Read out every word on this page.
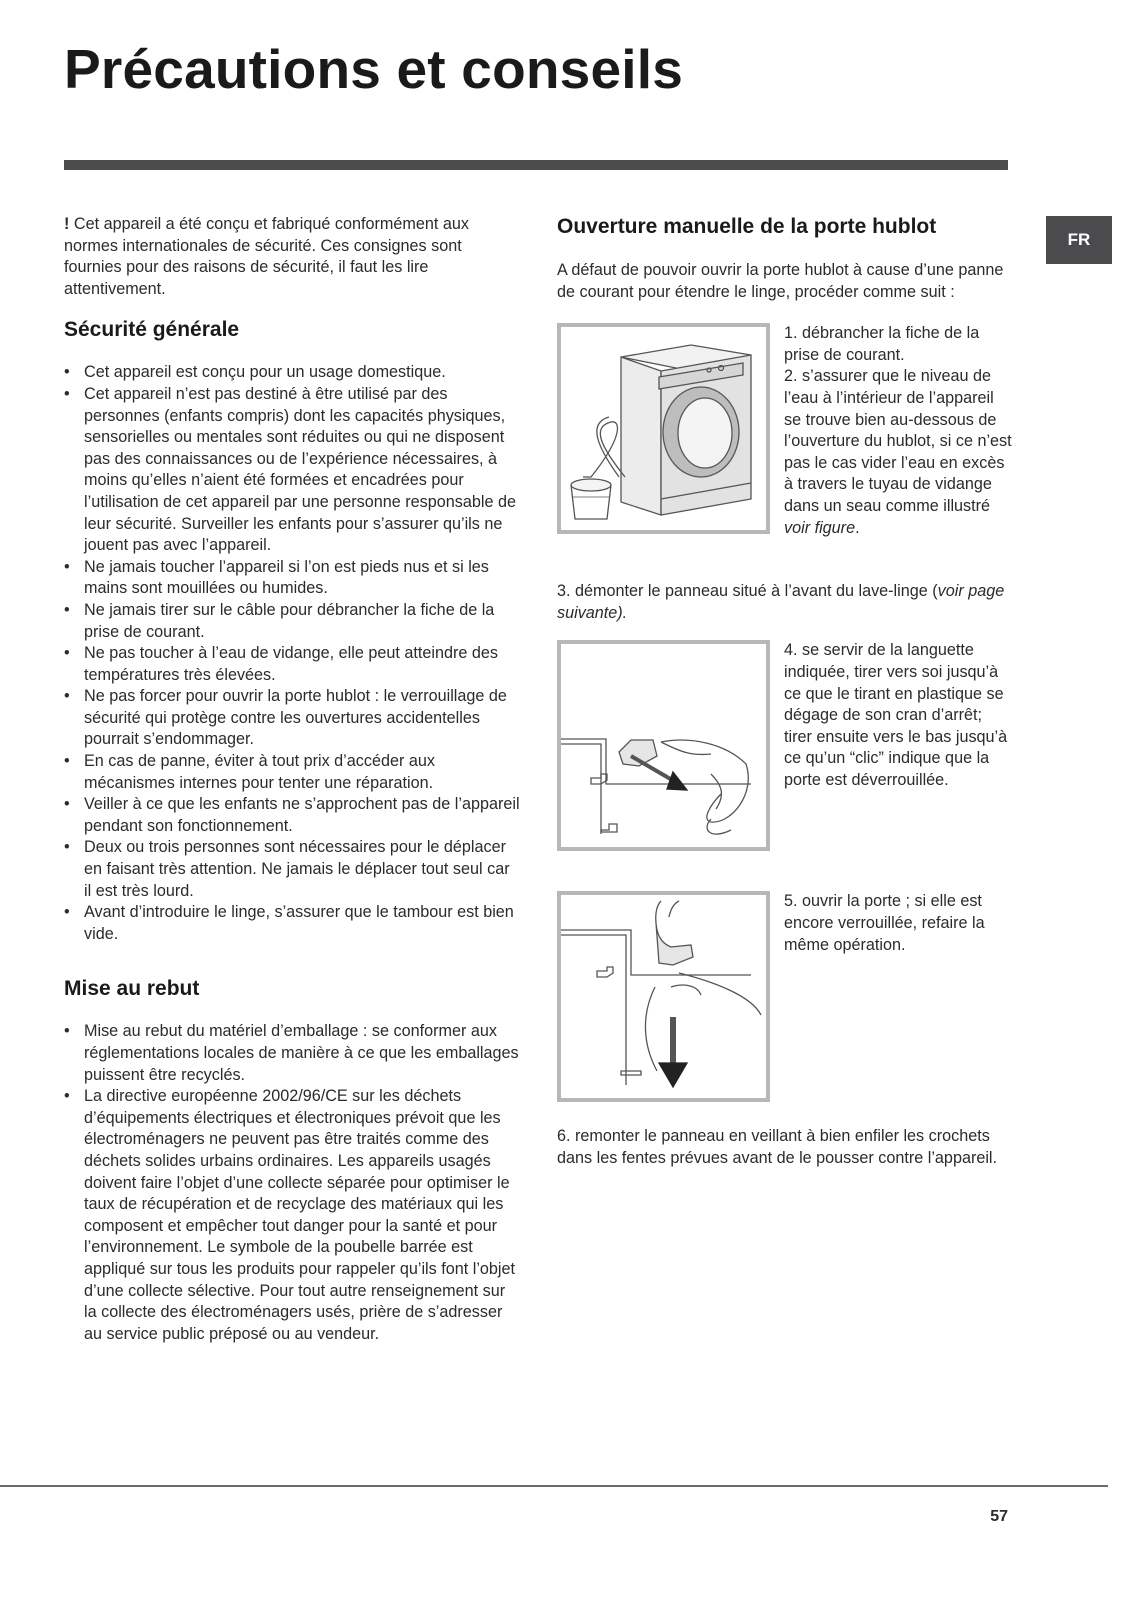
Précautions et conseils
FR

! Cet appareil a été conçu et fabriqué conformément aux normes internationales de sécurité. Ces consignes sont fournies pour des raisons de sécurité, il faut les lire attentivement.

Sécurité générale
• Cet appareil est conçu pour un usage domestique.
• Cet appareil n’est pas destiné à être utilisé par des personnes (enfants compris) dont les capacités physiques, sensorielles ou mentales sont réduites ou qui ne disposent pas des connaissances ou de l’expérience nécessaires, à moins qu’elles n’aient été formées et encadrées pour l’utilisation de cet appareil par une personne responsable de leur sécurité. Surveiller les enfants pour s’assurer qu’ils ne jouent pas avec l’appareil.
• Ne jamais toucher l’appareil si l’on est pieds nus et si les mains sont mouillées ou humides.
• Ne jamais tirer sur le câble pour débrancher la fiche de la prise de courant.
• Ne pas toucher à l’eau de vidange, elle peut atteindre des températures très élevées.
• Ne pas forcer pour ouvrir la porte hublot : le verrouillage de sécurité qui protège contre les ouvertures accidentelles pourrait s’endommager.
• En cas de panne, éviter à tout prix d’accéder aux mécanismes internes pour tenter une réparation.
• Veiller à ce que les enfants ne s’approchent pas de l’appareil pendant son fonctionnement.
• Deux ou trois personnes sont nécessaires pour le déplacer en faisant très attention. Ne jamais le déplacer tout seul car il est très lourd.
• Avant d’introduire le linge, s’assurer que le tambour est bien vide.
Mise au rebut
• Mise au rebut du matériel d’emballage : se conformer aux réglementations locales de manière à ce que les emballages puissent être recyclés.
• La directive européenne 2002/96/CE sur les déchets d’équipements électriques et électroniques prévoit que les électroménagers ne peuvent pas être traités comme des déchets solides urbains ordinaires. Les appareils usagés doivent faire l’objet d’une collecte séparée pour optimiser le taux de récupération et de recyclage des matériaux qui les composent et empêcher tout danger pour la santé et pour l’environnement. Le symbole de la poubelle barrée est appliqué sur tous les produits pour rappeler qu’ils font l’objet d’une collecte sélective. Pour tout autre renseignement sur la collecte des électroménagers usés, prière de s’adresser au service public préposé ou au vendeur.
Ouverture manuelle de la porte hublot

A défaut de pouvoir ouvrir la porte hublot à cause d’une panne de courant pour étendre le linge, procéder comme suit :

1. débrancher la fiche de la prise de courant.
2. s’assurer que le niveau de l’eau à l’intérieur de l’appareil se trouve bien au-dessous de l’ouverture du hublot, si ce n’est pas le cas vider l’eau en excès à travers le tuyau de vidange dans un seau comme illustré voir figure.

3. démonter le panneau situé à l’avant du lave-linge (voir page suivante).

4. se servir de la languette indiquée, tirer vers soi jusqu’à ce que le tirant en plastique se dégage de son cran d’arrêt; tirer ensuite vers le bas jusqu’à ce qu’un “clic” indique que la porte est déverrouillée.

5. ouvrir la porte ; si elle est encore verrouillée, refaire la même opération.

6. remonter le panneau en veillant à bien enfiler les crochets dans les fentes prévues avant de le pousser contre l’appareil.

57
